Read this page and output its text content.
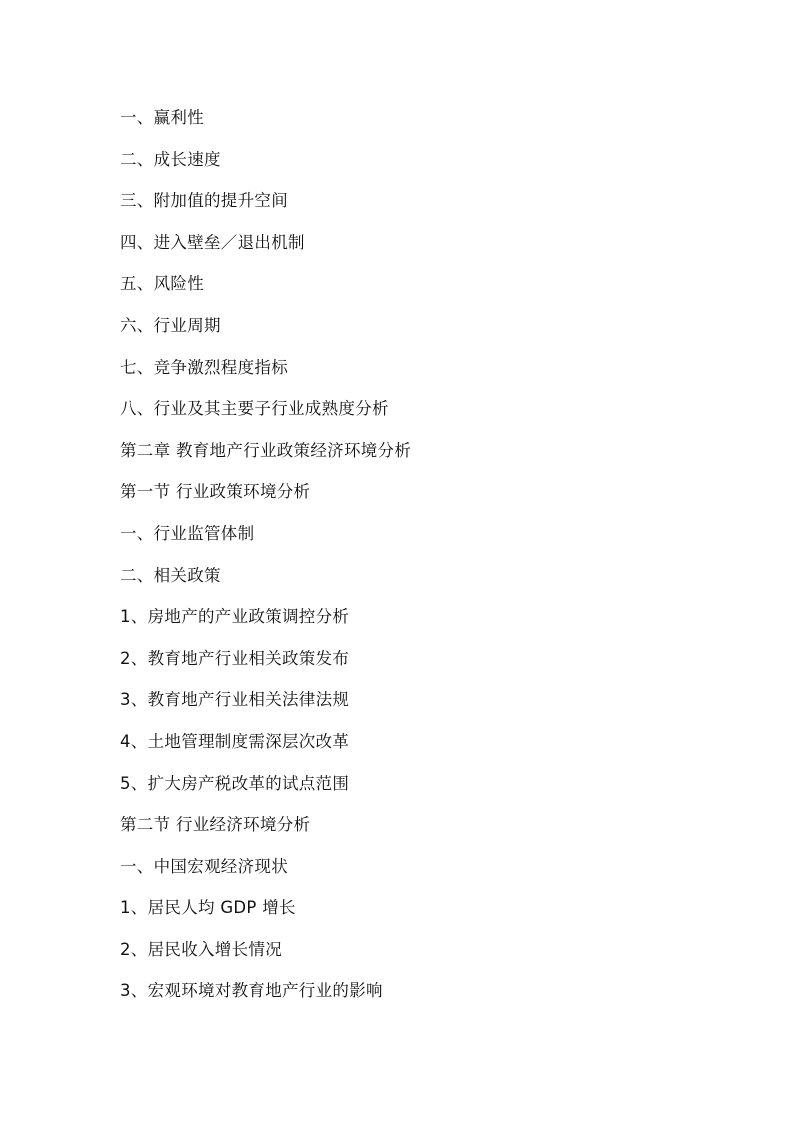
一、赢利性
二、成长速度
三、附加值的提升空间
四、进入壁垒／退出机制
五、风险性
六、行业周期
七、竞争激烈程度指标
八、行业及其主要子行业成熟度分析
第二章 教育地产行业政策经济环境分析
第一节 行业政策环境分析
一、行业监管体制
二、相关政策
1、房地产的产业政策调控分析
2、教育地产行业相关政策发布
3、教育地产行业相关法律法规
4、土地管理制度需深层次改革
5、扩大房产税改革的试点范围
第二节 行业经济环境分析
一、中国宏观经济现状
1、居民人均 GDP 增长
2、居民收入增长情况
3、宏观环境对教育地产行业的影响
